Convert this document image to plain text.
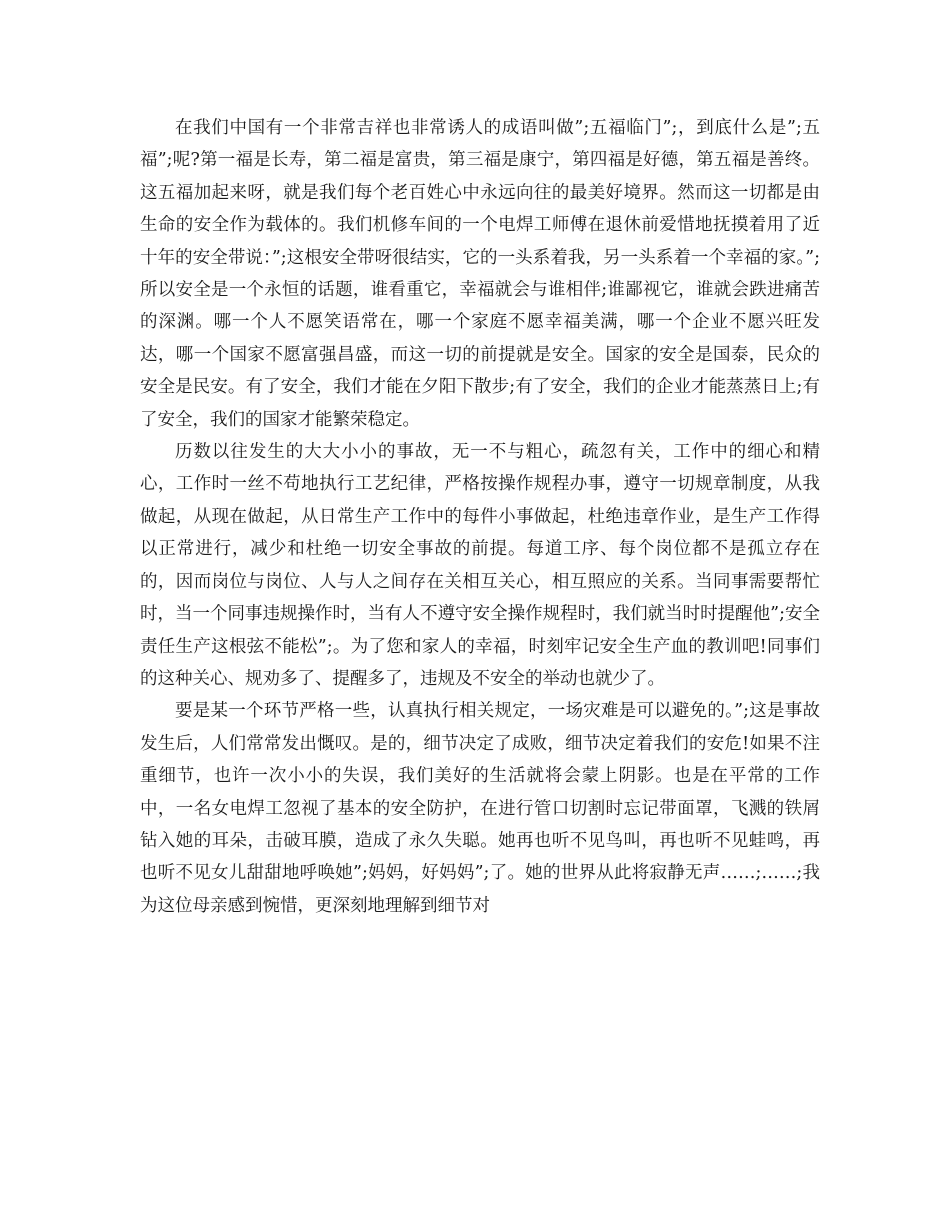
在我们中国有一个非常吉祥也非常诱人的成语叫做”;五福临门”;，到底什么是”;五福”;呢?第一福是长寿，第二福是富贵，第三福是康宁，第四福是好德，第五福是善终。这五福加起来呀，就是我们每个老百姓心中永远向往的最美好境界。然而这一切都是由生命的安全作为载体的。我们机修车间的一个电焊工师傅在退休前爱惜地抚摸着用了近十年的安全带说：”;这根安全带呀很结实，它的一头系着我，另一头系着一个幸福的家。”;所以安全是一个永恒的话题，谁看重它，幸福就会与谁相伴;谁鄙视它，谁就会跌进痛苦的深渊。哪一个人不愿笑语常在，哪一个家庭不愿幸福美满，哪一个企业不愿兴旺发达，哪一个国家不愿富强昌盛，而这一切的前提就是安全。国家的安全是国泰，民众的安全是民安。有了安全，我们才能在夕阳下散步;有了安全，我们的企业才能蒸蒸日上;有了安全，我们的国家才能繁荣稳定。

历数以往发生的大大小小的事故，无一不与粗心，疏忽有关，工作中的细心和精心，工作时一丝不苟地执行工艺纪律，严格按操作规程办事，遵守一切规章制度，从我做起，从现在做起，从日常生产工作中的每件小事做起，杜绝违章作业，是生产工作得以正常进行，减少和杜绝一切安全事故的前提。每道工序、每个岗位都不是孤立存在的，因而岗位与岗位、人与人之间存在关相互关心，相互照应的关系。当同事需要帮忙时，当一个同事违规操作时，当有人不遵守安全操作规程时，我们就当时时提醒他”;安全责任生产这根弦不能松”;。为了您和家人的幸福，时刻牢记安全生产血的教训吧!同事们的这种关心、规劝多了、提醒多了，违规及不安全的举动也就少了。

要是某一个环节严格一些，认真执行相关规定，一场灾难是可以避免的。”;这是事故发生后，人们常常发出慨叹。是的，细节决定了成败，细节决定着我们的安危!如果不注重细节，也许一次小小的失误，我们美好的生活就将会蒙上阴影。也是在平常的工作中，一名女电焊工忽视了基本的安全防护，在进行管口切割时忘记带面罩，飞溅的铁屑钻入她的耳朵，击破耳膜，造成了永久失聪。她再也听不见鸟叫，再也听不见蛙鸣，再也听不见女儿甜甜地呼唤她”;妈妈，好妈妈”;了。她的世界从此将寂静无声……;……;我为这位母亲感到惋惜，更深刻地理解到细节对
